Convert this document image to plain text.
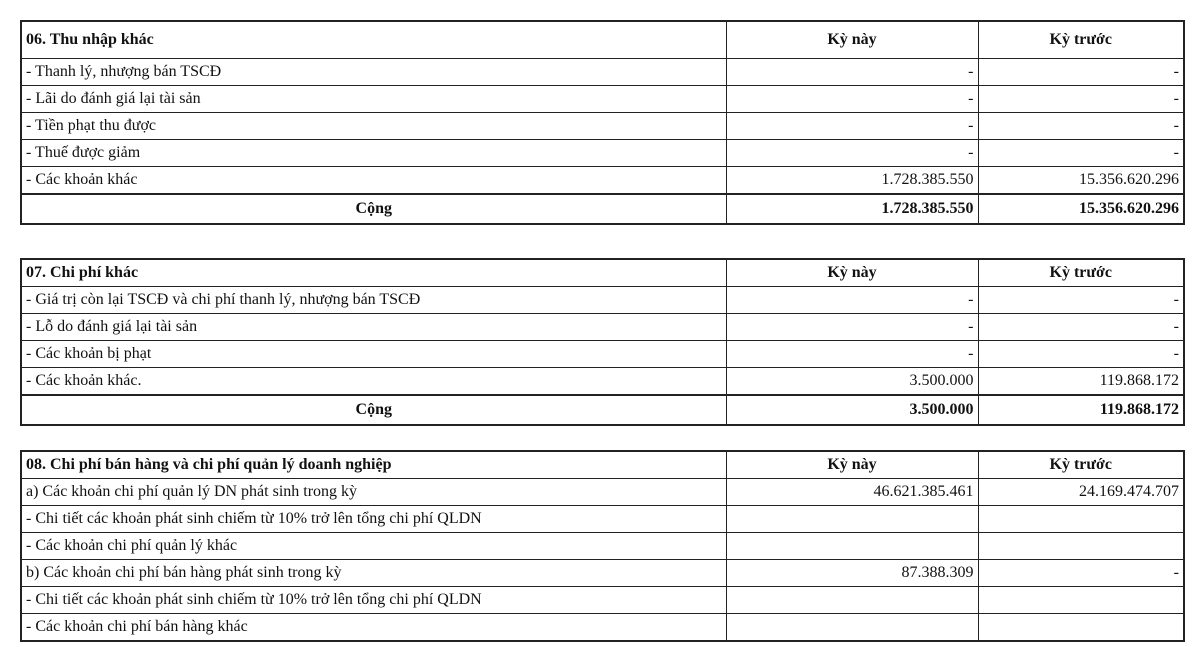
06. Thu nhập khác	Kỳ này	Kỳ trước
- Thanh lý, nhượng bán TSCĐ	-	-
- Lãi do đánh giá lại tài sản	-	-
- Tiền phạt thu được	-	-
- Thuế được giảm	-	-
- Các khoản khác	1.728.385.550	15.356.620.296
Cộng	1.728.385.550	15.356.620.296
07. Chi phí khác	Kỳ này	Kỳ trước
- Giá trị còn lại TSCĐ và chi phí thanh lý, nhượng bán TSCĐ	-	-
- Lỗ do đánh giá lại tài sản	-	-
- Các khoản bị phạt	-	-
- Các khoản khác.	3.500.000	119.868.172
Cộng	3.500.000	119.868.172
08. Chi phí bán hàng và chi phí quản lý doanh nghiệp	Kỳ này	Kỳ trước
a) Các khoản chi phí quản lý DN phát sinh trong kỳ	46.621.385.461	24.169.474.707
- Chi tiết các khoản phát sinh chiếm từ 10% trở lên tổng chi phí QLDN		
- Các khoản chi phí quản lý khác		
b) Các khoản chi phí bán hàng phát sinh trong kỳ	87.388.309	-
- Chi tiết các khoản phát sinh chiếm từ 10% trở lên tổng chi phí QLDN		
- Các khoản chi phí bán hàng khác		
